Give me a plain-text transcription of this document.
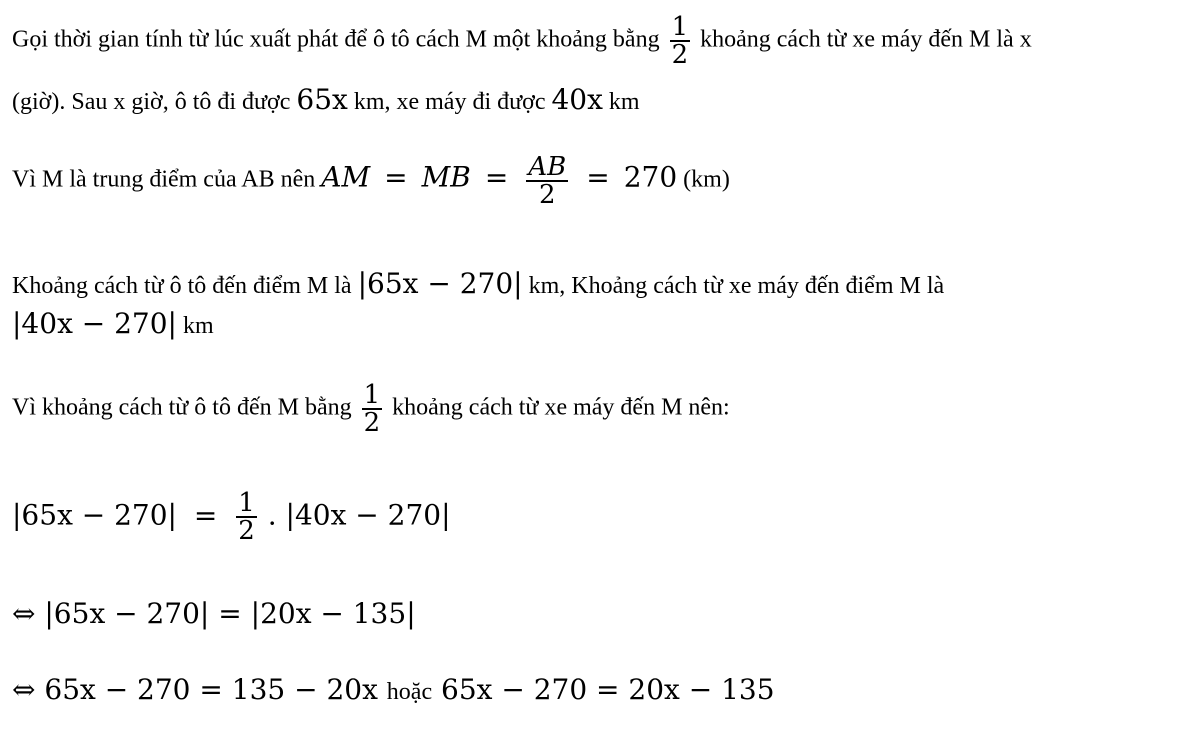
Gọi thời gian tính từ lúc xuất phát để ô tô cách M một khoảng bằng $\frac{1}{2}$ khoảng cách từ xe máy đến M là x
(giờ). Sau x giờ, ô tô đi được 65x km, xe máy đi được 40x km
Vì M là trung điểm của AB nên AM = MB = $\frac{AB}{2} = 270$ (km)
Khoảng cách từ ô tô đến điểm M là |65x − 270| km, Khoảng cách từ xe máy đến điểm M là
|40x − 270| km
Vì khoảng cách từ ô tô đến M bằng $\frac{1}{2}$ khoảng cách từ xe máy đến M nên:
$|65x - 270| = \frac{1}{2}$ . |40x − 270|
⇔ |65x − 270| = |20x − 135|
⇔ 65x − 270 = 135 − 20x hoặc 65x − 270 = 20x − 135
